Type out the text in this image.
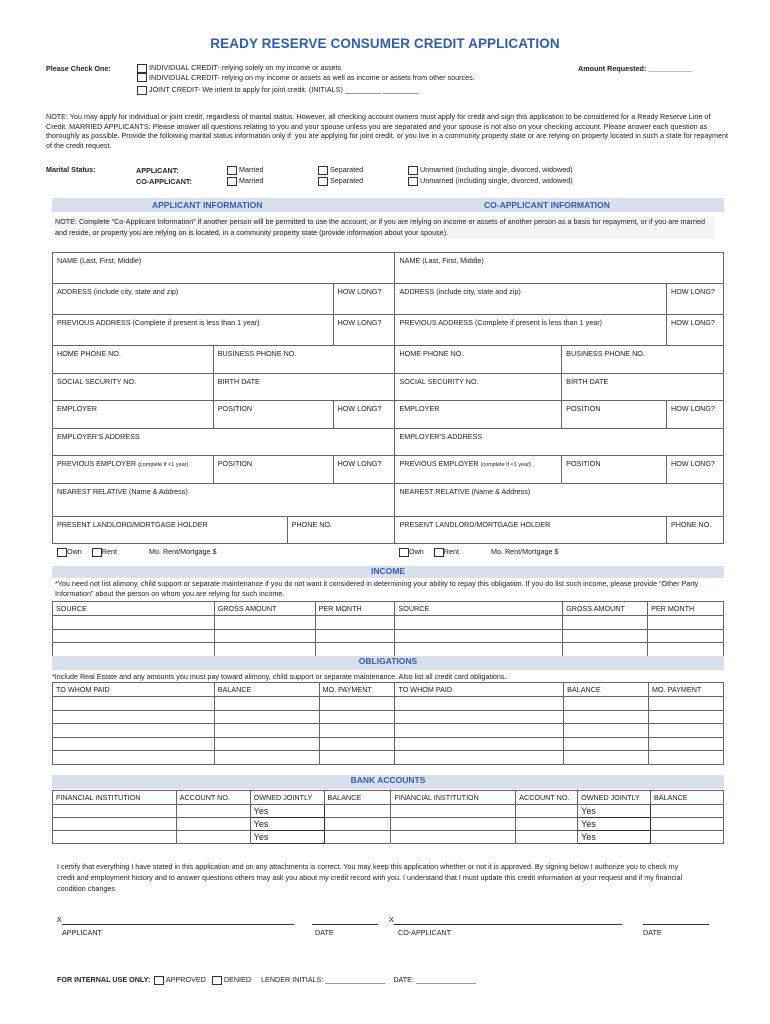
READY RESERVE CONSUMER CREDIT APPLICATION
Please Check One:	INDIVIDUAL CREDIT- relying solely on my income or assets
INDIVIDUAL CREDIT- relying on my income or assets as well as income or assets from other sources.
JOINT CREDIT- We intent to apply for joint credit. (INITIALS) _________ _________
Amount Requested: ___________
NOTE: You may apply for individual or joint credit, regardless of marital status. However, all checking account owners must apply for credit and sign this application to be considered for a Ready Reserve Line of Credit. MARRIED APPLICANTS: Please answer all questions relating to you and your spouse unless you are separated and your spouse is not also on your checking account. Please answer each question as thoroughly as possible. Provide the following marital status information only if: you are applying for joint credit, or you live in a community property state or are relying on property located in such a state for repayment of the credit request.
Marital Status:	APPLICANT:
CO-APPLICANT:
Married
Married
Separated
Separated
Unmarried (including single, divorced, widowed)
Unmarried (including single, divorced, widowed)
APPLICANT INFORMATION	CO-APPLICANT INFORMATION
NOTE: Complete “Co-Applicant Information” if another person will be permitted to use the account, or if you are relying on income or assets of another person as a basis for repayment, or if you are married and reside, or property you are relying on is located, in a community property state (provide information about your spouse).
NAME (Last, First, Middle)				NAME (Last, First, Middle)		
ADDRESS (include city, state and zip)			HOW LONG?	ADDRESS (include city, state and zip)		HOW LONG?
PREVIOUS ADDRESS (Complete if present is less than 1 year)			HOW LONG?	PREVIOUS ADDRESS (Complete if present is less than 1 year)		HOW LONG?
HOME PHONE NO.	BUSINESS PHONE NO.			HOME PHONE NO.	BUSINESS PHONE NO.	
SOCIAL SECURITY NO.	BIRTH DATE			SOCIAL SECURITY NO.	BIRTH DATE	
EMPLOYER	POSITION		HOW LONG?	EMPLOYER	POSITION	HOW LONG?
EMPLOYER’S ADDRESS				EMPLOYER’S ADDRESS		
PREVIOUS EMPLOYER (complete if <1 year)	POSITION		HOW LONG?	PREVIOUS EMPLOYER (complete if <1 year)	POSITION	HOW LONG?
NEAREST RELATIVE (Name & Address)				NEAREST RELATIVE (Name & Address)		
PRESENT LANDLORD/MORTGAGE HOLDER		PHONE NO.		PRESENT LANDLORD/MORTGAGE HOLDER		PHONE NO.
Own	Rent	Mo. Rent/Mortgage $	Own	Rent	Mo. Rent/Mortgage $
INCOME
*You need not list alimony, child support or separate maintenance if you do not want it considered in determining your ability to repay this obligation. If you do list such income, please provide “Other Party Information” about the person on whom you are relying for such income.
SOURCE	GROSS AMOUNT	PER MONTH	SOURCE	GROSS AMOUNT	PER MONTH

OBLIGATIONS
*Include Real Estate and any amounts you must pay toward alimony, child support or separate maintenance. Also list all credit card obligations.
TO WHOM PAID	BALANCE	MO. PAYMENT	TO WHOM PAID	BALANCE	MO. PAYMENT

BANK ACCOUNTS
FINANCIAL INSTITUTION	ACCOUNT NO.	OWNED JOINTLY	BALANCE	FINANCIAL INSTITUTION	ACCOUNT NO.	OWNED JOINTLY	BALANCE
		Yes				Yes	
		Yes				Yes	
		Yes				Yes	
I certify that everything I have stated in this application and on any attachments is correct. You may keep this application whether or not it is approved. By signing below I authorize you to check my credit and employment history and to answer questions others may ask you about my credit record with you. I understand that I must update this credit information at your request and if my financial condition changes
X	X
APPLICANT	DATE	CO-APPLICANT	DATE
FOR INTERNAL USE ONLY: APPROVED	DENIED LENDER INITIALS: _______________ DATE: _______________
